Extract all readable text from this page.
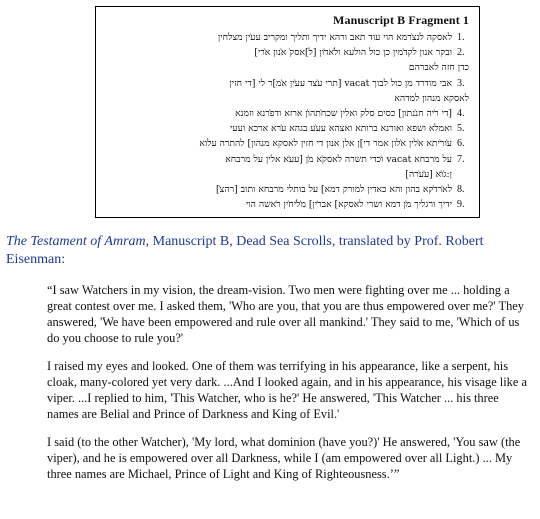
Manuscript B Fragment 1
1.
לאסקה לנצ̇רמא הוי עוד תאב ורהא ידיך ותליך ומקריב עע̇ין מצלחין
2.
ובקר אנון לקד̇מין כן כול הולעא ול̇אד̇ון [ל]אסק̇ א̇נון א̇רי]
כדן חזה לאברהם
3.
אבי מודרד מן כול לבוך vacat [תרי ע̇צד עע̇ין א̇מ]ר לי [די חזין
לאסקא מנהון למדהא
4.
[די ר̇יה חנ̇נתון] כסים סלק ואלין שכח̇תהו̇ן ארזא ודפ̇רנא וזמנא
5.
ואמלא ושפא ואורנא ברותא ואצהא עע̇ע בגהא ע̇רא ארכא ועעי
6.
ע̇ור̇יתא א̇לין א̇לון אמר די]ן אלן אנון די חזין לאסקא מנהון] להתרה עלוא
7.
על מרבחא vacat ו̇כדי תשרה לאסק̇א מ̇ן [עע̇א אלין על מרבחא
ן:ג̇ו̇א [ע̇ע̇רה]
8.
לא̇רד̇קא בהון והא כאדין למורק דמא] על בותלי מרבחא ותוב [רהצ̇]
9.
ידיך ורגליך מ̇ן דמא ושרי לאסקא] אבר̇ין] מ̇ל̇יח̇ין ר̇אשה הוי

The Testament of Amram, Manuscript B, Dead Sea Scrolls, translated by Prof. Robert Eisenman:

“I saw Watchers in my vision, the dream-vision. Two men were fighting over me ... holding a great contest over me. I asked them, 'Who are you, that you are thus empowered over me?' They answered, 'We have been empowered and rule over all mankind.' They said to me, 'Which of us do you choose to rule you?'

I raised my eyes and looked. One of them was terrifying in his appearance, like a serpent, his cloak, many-colored yet very dark. ...And I looked again, and in his appearance, his visage like a viper. ...I replied to him, 'This Watcher, who is he?' He answered, 'This Watcher ... his three names are Belial and Prince of Darkness and King of Evil.'

I said (to the other Watcher), 'My lord, what dominion (have you?)' He answered, 'You saw (the viper), and he is empowered over all Darkness, while I (am empowered over all Light.) ... My three names are Michael, Prince of Light and King of Righteousness.’”
